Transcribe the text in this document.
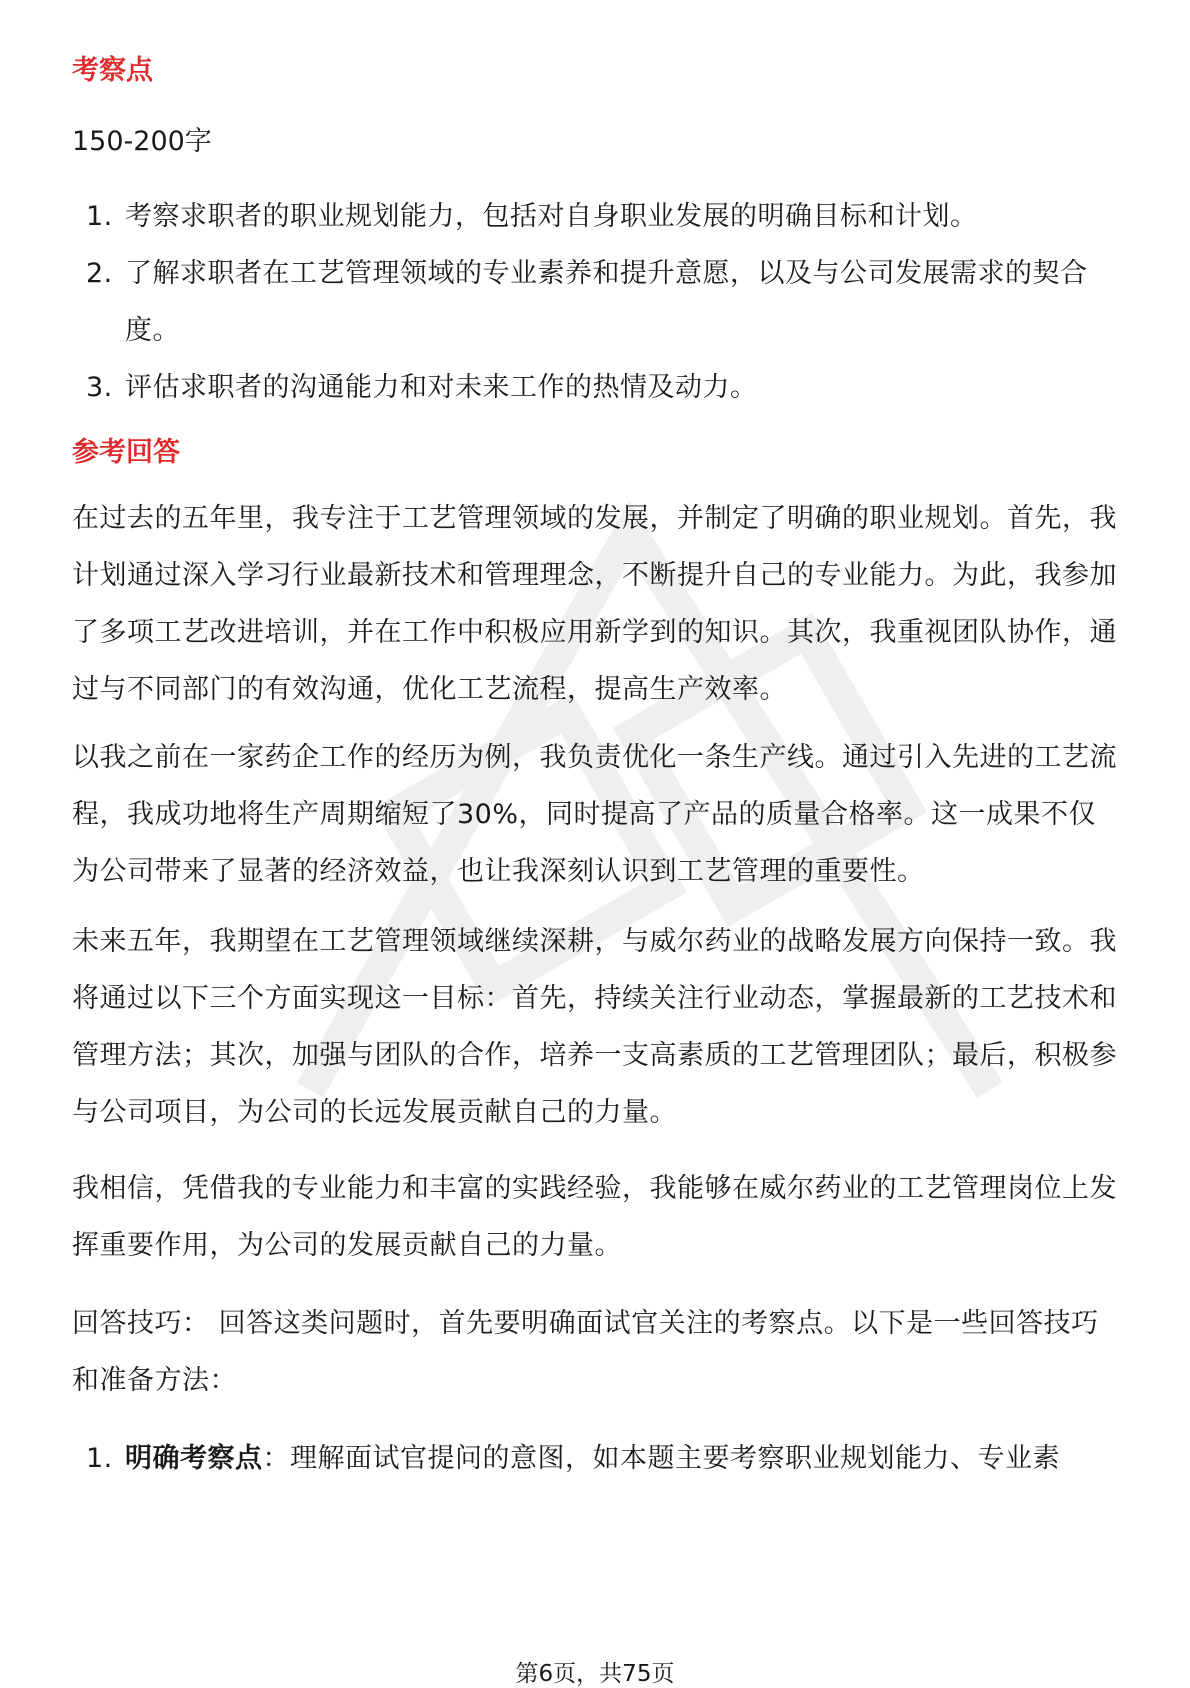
考察点
150-200字
1. 考察求职者的职业规划能力，包括对自身职业发展的明确目标和计划。
2. 了解求职者在工艺管理领域的专业素养和提升意愿，以及与公司发展需求的契合度。
3. 评估求职者的沟通能力和对未来工作的热情及动力。
参考回答
在过去的五年里，我专注于工艺管理领域的发展，并制定了明确的职业规划。首先，我计划通过深入学习行业最新技术和管理理念，不断提升自己的专业能力。为此，我参加了多项工艺改进培训，并在工作中积极应用新学到的知识。其次，我重视团队协作，通过与不同部门的有效沟通，优化工艺流程，提高生产效率。
以我之前在一家药企工作的经历为例，我负责优化一条生产线。通过引入先进的工艺流程，我成功地将生产周期缩短了30%，同时提高了产品的质量合格率。这一成果不仅为公司带来了显著的经济效益，也让我深刻认识到工艺管理的重要性。
未来五年，我期望在工艺管理领域继续深耕，与威尔药业的战略发展方向保持一致。我将通过以下三个方面实现这一目标：首先，持续关注行业动态，掌握最新的工艺技术和管理方法；其次，加强与团队的合作，培养一支高素质的工艺管理团队；最后，积极参与公司项目，为公司的长远发展贡献自己的力量。
我相信，凭借我的专业能力和丰富的实践经验，我能够在威尔药业的工艺管理岗位上发挥重要作用，为公司的发展贡献自己的力量。
回答技巧： 回答这类问题时，首先要明确面试官关注的考察点。以下是一些回答技巧和准备方法：
1. 明确考察点：理解面试官提问的意图，如本题主要考察职业规划能力、专业素
第6页，共75页
